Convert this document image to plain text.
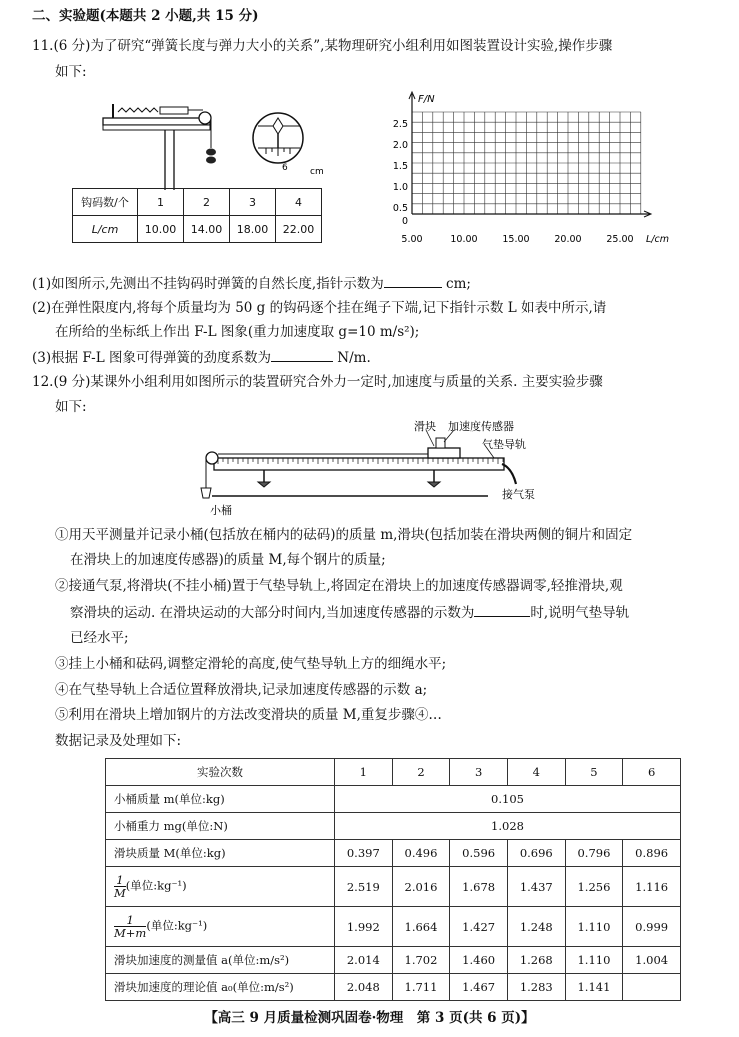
二、实验题(本题共 2 小题,共 15 分)
11.(6 分)为了研究“弹簧长度与弹力大小的关系”,某物理研究小组利用如图装置设计实验,操作步骤
如下:
6 cm
钩码数/个	1	2	3	4
L/cm	10.00	14.00	18.00	22.00
F/N
2.5
2.0
1.5
1.0
0.5
0
5.00	10.00	15.00	20.00	25.00 L/cm
(1)如图所示,先测出不挂钩码时弹簧的自然长度,指针示数为	cm;
(2)在弹性限度内,将每个质量均为 50 g 的钩码逐个挂在绳子下端,记下指针示数 L 如表中所示,请
在所给的坐标纸上作出 F-L 图象(重力加速度取 g=10 m/s²);
(3)根据 F-L 图象可得弹簧的劲度系数为	N/m.
12.(9 分)某课外小组利用如图所示的装置研究合外力一定时,加速度与质量的关系. 主要实验步骤
如下:
滑块 加速度传感器
气垫导轨
接气泵
小桶
①用天平测量并记录小桶(包括放在桶内的砝码)的质量 m,滑块(包括加装在滑块两侧的铜片和固定
在滑块上的加速度传感器)的质量 M,每个钢片的质量;
②接通气泵,将滑块(不挂小桶)置于气垫导轨上,将固定在滑块上的加速度传感器调零,轻推滑块,观
察滑块的运动. 在滑块运动的大部分时间内,当加速度传感器的示数为	时,说明气垫导轨
已经水平;
③挂上小桶和砝码,调整定滑轮的高度,使气垫导轨上方的细绳水平;
④在气垫导轨上合适位置释放滑块,记录加速度传感器的示数 a;
⑤利用在滑块上增加钢片的方法改变滑块的质量 M,重复步骤④…
数据记录及处理如下:
实验次数	1	2	3	4	5	6
小桶质量 m(单位:kg)	0.105					
小桶重力 mg(单位:N)	1.028					
滑块质量 M(单位:kg)	0.397	0.496	0.596	0.696	0.796	0.896

$\frac{1}{M}$ (单位:kg⁻¹)	2.519	2.016	1.678	1.437	1.256	1.116

$\frac{1}{M+m}$ (单位:kg⁻¹)	1.992	1.664	1.427	1.248	1.110	0.999
滑块加速度的测量值 a(单位:m/s²)	2.014	1.702	1.460	1.268	1.110	1.004
滑块加速度的理论值 a₀(单位:m/s²)	2.048	1.711	1.467	1.283	1.141	
【高三 9 月质量检测巩固卷·物理　第 3 页(共 6 页)】
